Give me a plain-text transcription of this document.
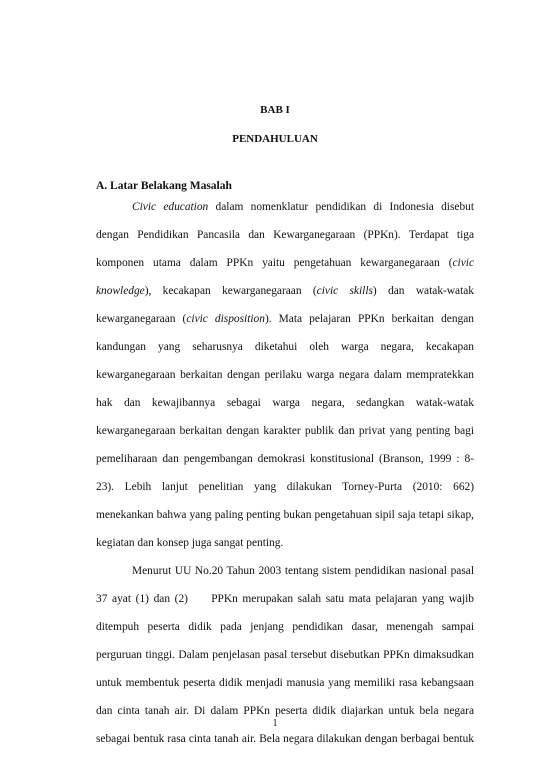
BAB I
PENDAHULUAN
A. Latar Belakang Masalah
Civic education dalam nomenklatur pendidikan di Indonesia disebut
dengan Pendidikan Pancasila dan Kewarganegaraan (PPKn). Terdapat tiga
komponen utama dalam PPKn yaitu pengetahuan kewarganegaraan (civic
knowledge), kecakapan kewarganegaraan (civic skills) dan watak-watak
kewarganegaraan (civic disposition). Mata pelajaran PPKn berkaitan dengan
kandungan yang seharusnya diketahui oleh warga negara, kecakapan
kewarganegaraan berkaitan dengan perilaku warga negara dalam mempratekkan
hak dan kewajibannya sebagai warga negara, sedangkan watak-watak
kewarganegaraan berkaitan dengan karakter publik dan privat yang penting bagi
pemeliharaan dan pengembangan demokrasi konstitusional (Branson, 1999 : 8-
23). Lebih lanjut penelitian yang dilakukan Torney-Purta (2010: 662)
menekankan bahwa yang paling penting bukan pengetahuan sipil saja tetapi sikap,
kegiatan dan konsep juga sangat penting.
Menurut UU No.20 Tahun 2003 tentang sistem pendidikan nasional pasal
37 ayat (1) dan (2)     PPKn merupakan salah satu mata pelajaran yang wajib
ditempuh peserta didik pada jenjang pendidikan dasar, menengah sampai
perguruan tinggi. Dalam penjelasan pasal tersebut disebutkan PPKn dimaksudkan
untuk membentuk peserta didik menjadi manusia yang memiliki rasa kebangsaan
dan cinta tanah air. Di dalam PPKn peserta didik diajarkan untuk bela negara
sebagai bentuk rasa cinta tanah air. Bela negara dilakukan dengan berbagai bentuk
1
